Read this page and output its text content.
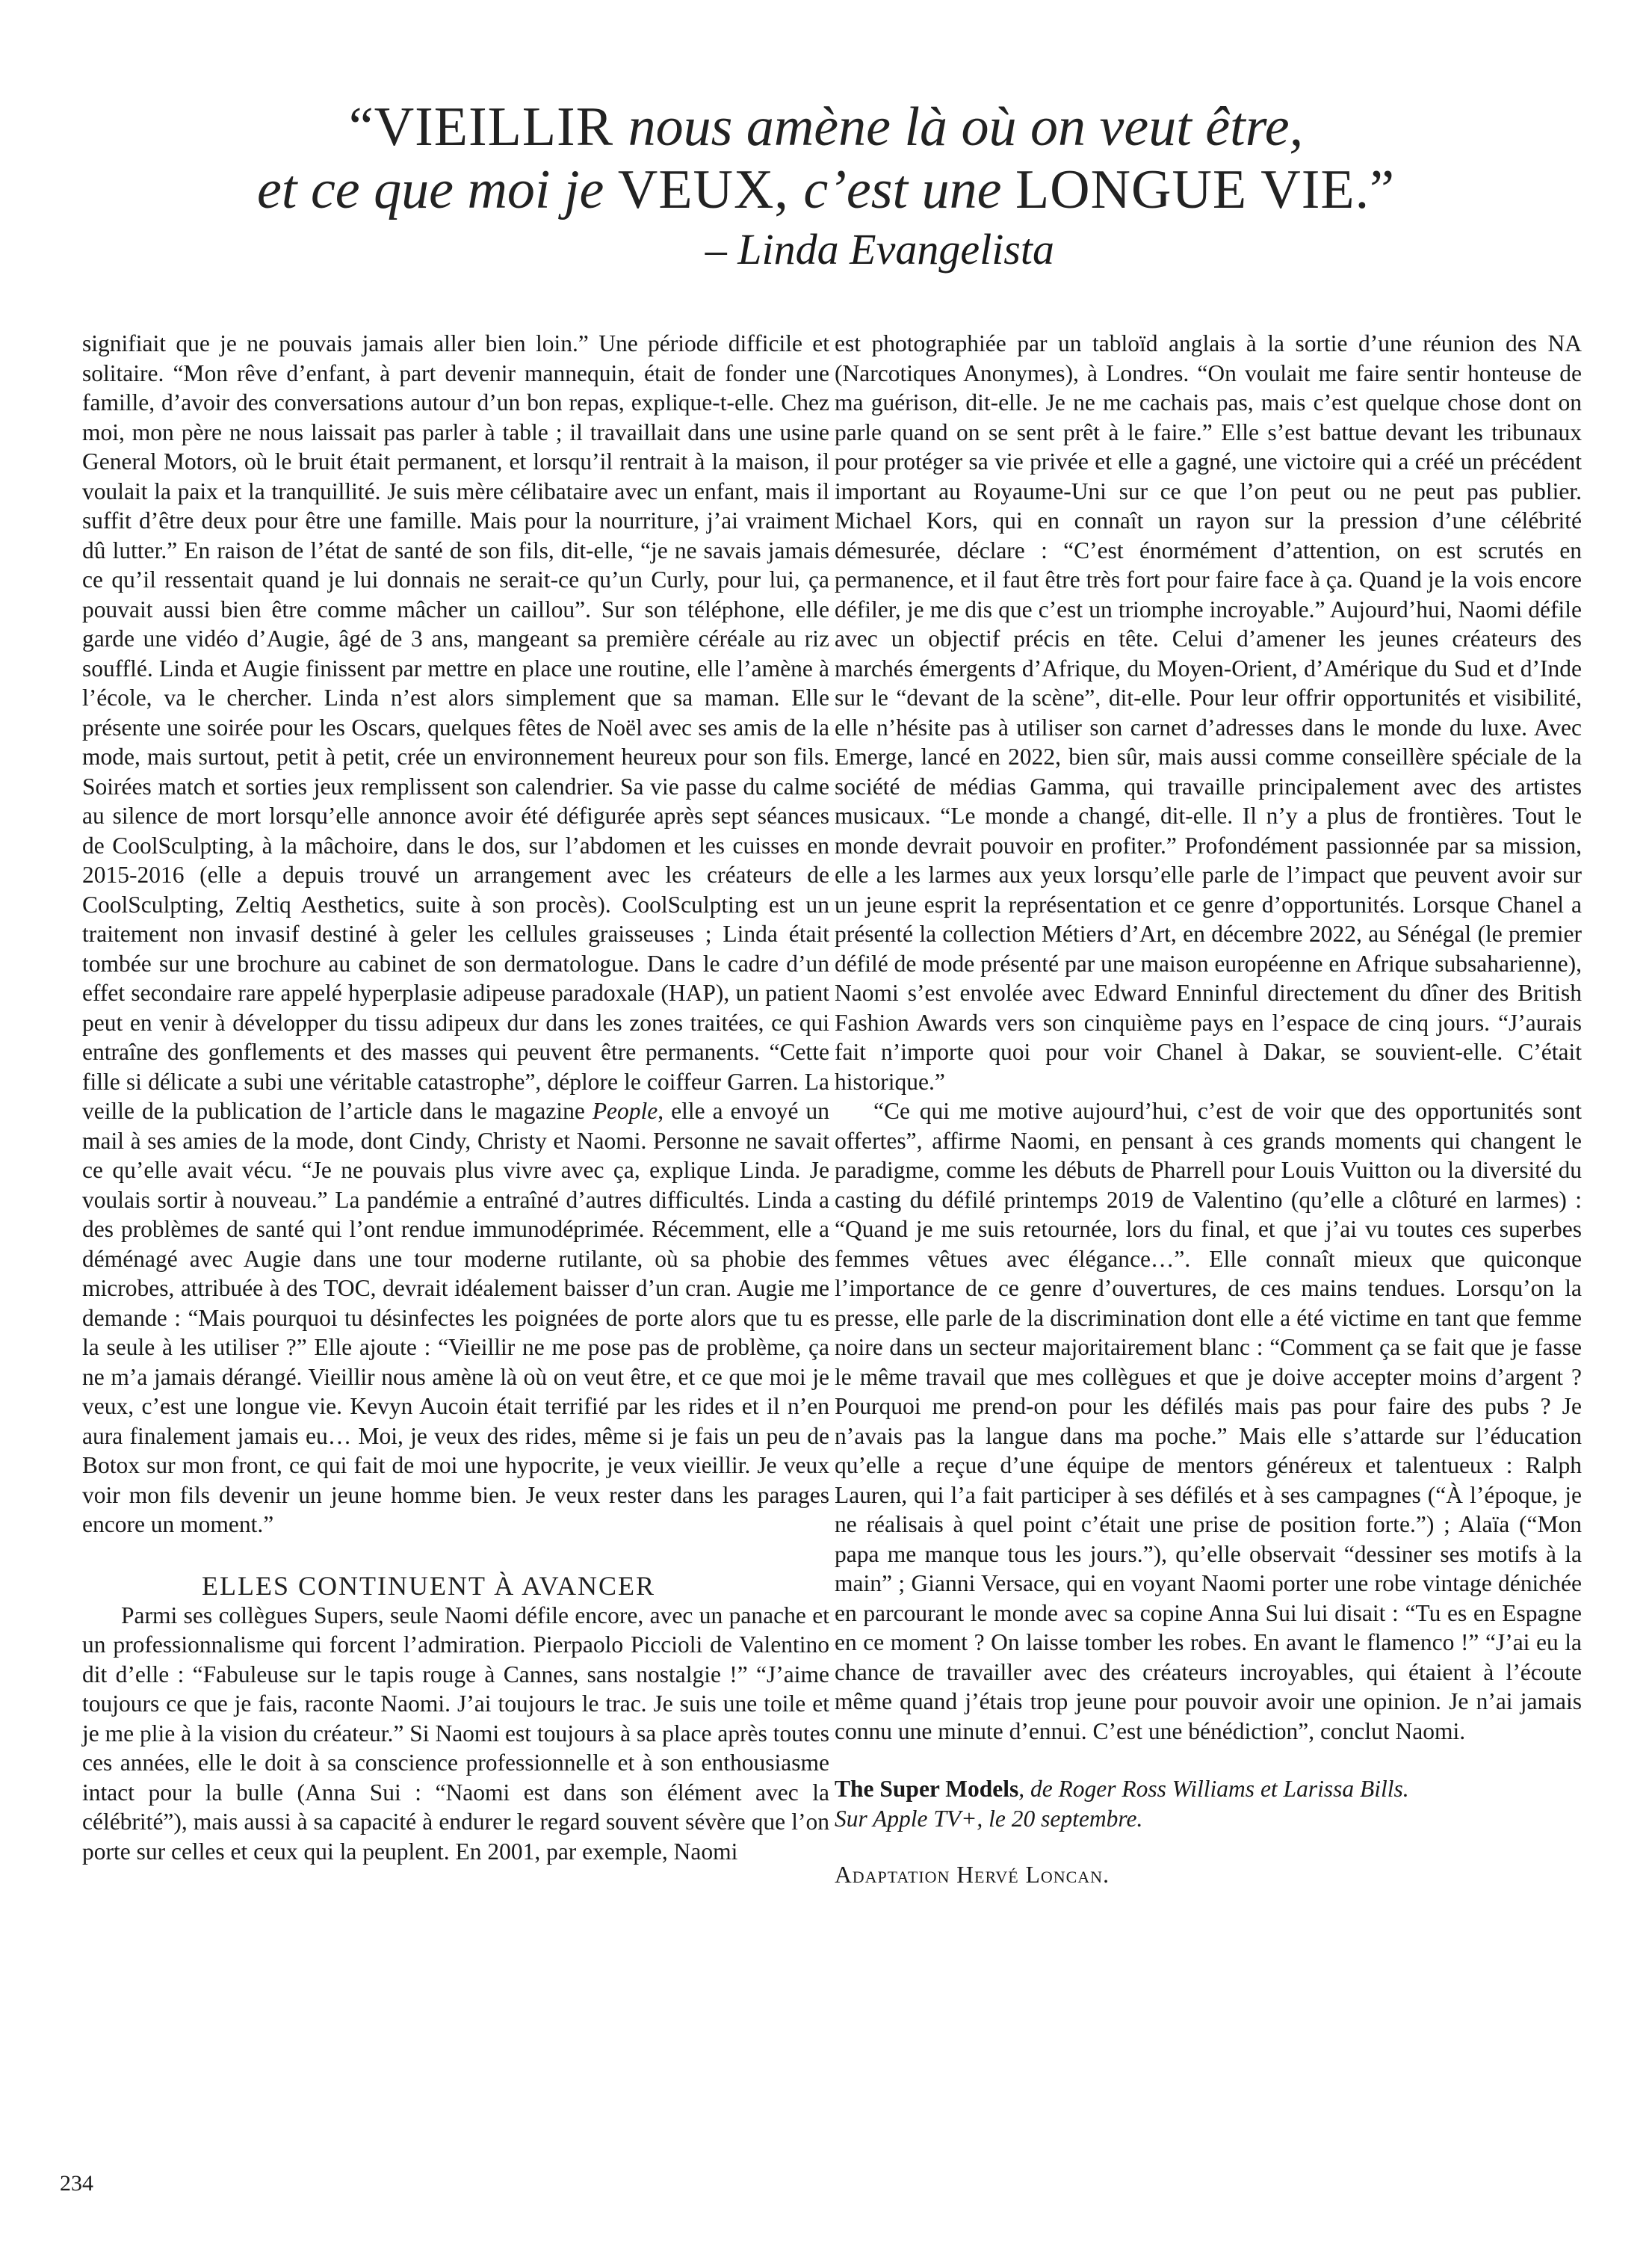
“VIEILLIR nous amène là où on veut être,
et ce que moi je VEUX, c’est une LONGUE VIE.”
– Linda Evangelista

signifiait que je ne pouvais jamais aller bien loin.” Une période difficile et solitaire. “Mon rêve d’enfant, à part devenir mannequin, était de fonder une famille, d’avoir des conversations autour d’un bon repas, explique-t-elle. Chez moi, mon père ne nous laissait pas parler à table ; il travaillait dans une usine General Motors, où le bruit était permanent, et lorsqu’il rentrait à la maison, il voulait la paix et la tranquillité. Je suis mère célibataire avec un enfant, mais il suffit d’être deux pour être une famille. Mais pour la nourriture, j’ai vraiment dû lutter.” En raison de l’état de santé de son fils, dit-elle, “je ne savais jamais ce qu’il ressentait quand je lui donnais ne serait-ce qu’un Curly, pour lui, ça pouvait aussi bien être comme mâcher un caillou”. Sur son téléphone, elle garde une vidéo d’Augie, âgé de 3 ans, mangeant sa première céréale au riz soufflé. Linda et Augie finissent par mettre en place une routine, elle l’amène à l’école, va le chercher. Linda n’est alors simplement que sa maman. Elle présente une soirée pour les Oscars, quelques fêtes de Noël avec ses amis de la mode, mais surtout, petit à petit, crée un environnement heureux pour son fils. Soirées match et sorties jeux remplissent son calendrier. Sa vie passe du calme au silence de mort lorsqu’elle annonce avoir été défigurée après sept séances de CoolSculpting, à la mâchoire, dans le dos, sur l’abdomen et les cuisses en 2015-2016 (elle a depuis trouvé un arrangement avec les créateurs de CoolSculpting, Zeltiq Aesthetics, suite à son procès). CoolSculpting est un traitement non invasif destiné à geler les cellules graisseuses ; Linda était tombée sur une brochure au cabinet de son dermatologue. Dans le cadre d’un effet secondaire rare appelé hyperplasie adipeuse paradoxale (HAP), un patient peut en venir à développer du tissu adipeux dur dans les zones traitées, ce qui entraîne des gonflements et des masses qui peuvent être permanents. “Cette fille si délicate a subi une véritable catastrophe”, déplore le coiffeur Garren. La veille de la publication de l’article dans le magazine People, elle a envoyé un mail à ses amies de la mode, dont Cindy, Christy et Naomi. Personne ne savait ce qu’elle avait vécu. “Je ne pouvais plus vivre avec ça, explique Linda. Je voulais sortir à nouveau.” La pandémie a entraîné d’autres difficultés. Linda a des problèmes de santé qui l’ont rendue immunodéprimée. Récemment, elle a déménagé avec Augie dans une tour moderne rutilante, où sa phobie des microbes, attribuée à des TOC, devrait idéalement baisser d’un cran. Augie me demande : “Mais pourquoi tu désinfectes les poignées de porte alors que tu es la seule à les utiliser ?” Elle ajoute : “Vieillir ne me pose pas de problème, ça ne m’a jamais dérangé. Vieillir nous amène là où on veut être, et ce que moi je veux, c’est une longue vie. Kevyn Aucoin était terrifié par les rides et il n’en aura finalement jamais eu… Moi, je veux des rides, même si je fais un peu de Botox sur mon front, ce qui fait de moi une hypocrite, je veux vieillir. Je veux voir mon fils devenir un jeune homme bien. Je veux rester dans les parages encore un moment.”

ELLES CONTINUENT À AVANCER

Parmi ses collègues Supers, seule Naomi défile encore, avec un panache et un professionnalisme qui forcent l’admiration. Pierpaolo Piccioli de Valentino dit d’elle : “Fabuleuse sur le tapis rouge à Cannes, sans nostalgie !” “J’aime toujours ce que je fais, raconte Naomi. J’ai toujours le trac. Je suis une toile et je me plie à la vision du créateur.” Si Naomi est toujours à sa place après toutes ces années, elle le doit à sa conscience professionnelle et à son enthousiasme intact pour la bulle (Anna Sui : “Naomi est dans son élément avec la célébrité”), mais aussi à sa capacité à endurer le regard souvent sévère que l’on porte sur celles et ceux qui la peuplent. En 2001, par exemple, Naomi

est photographiée par un tabloïd anglais à la sortie d’une réunion des NA (Narcotiques Anonymes), à Londres. “On voulait me faire sentir honteuse de ma guérison, dit-elle. Je ne me cachais pas, mais c’est quelque chose dont on parle quand on se sent prêt à le faire.” Elle s’est battue devant les tribunaux pour protéger sa vie privée et elle a gagné, une victoire qui a créé un précédent important au Royaume-Uni sur ce que l’on peut ou ne peut pas publier. Michael Kors, qui en connaît un rayon sur la pression d’une célébrité démesurée, déclare : “C’est énormément d’attention, on est scrutés en permanence, et il faut être très fort pour faire face à ça. Quand je la vois encore défiler, je me dis que c’est un triomphe incroyable.” Aujourd’hui, Naomi défile avec un objectif précis en tête. Celui d’amener les jeunes créateurs des marchés émergents d’Afrique, du Moyen-Orient, d’Amérique du Sud et d’Inde sur le “devant de la scène”, dit-elle. Pour leur offrir opportunités et visibilité, elle n’hésite pas à utiliser son carnet d’adresses dans le monde du luxe. Avec Emerge, lancé en 2022, bien sûr, mais aussi comme conseillère spéciale de la société de médias Gamma, qui travaille principalement avec des artistes musicaux. “Le monde a changé, dit-elle. Il n’y a plus de frontières. Tout le monde devrait pouvoir en profiter.” Profondément passionnée par sa mission, elle a les larmes aux yeux lorsqu’elle parle de l’impact que peuvent avoir sur un jeune esprit la représentation et ce genre d’opportunités. Lorsque Chanel a présenté la collection Métiers d’Art, en décembre 2022, au Sénégal (le premier défilé de mode présenté par une maison européenne en Afrique subsaharienne), Naomi s’est envolée avec Edward Enninful directement du dîner des British Fashion Awards vers son cinquième pays en l’espace de cinq jours. “J’aurais fait n’importe quoi pour voir Chanel à Dakar, se souvient-elle. C’était historique.”

“Ce qui me motive aujourd’hui, c’est de voir que des opportunités sont offertes”, affirme Naomi, en pensant à ces grands moments qui changent le paradigme, comme les débuts de Pharrell pour Louis Vuitton ou la diversité du casting du défilé printemps 2019 de Valentino (qu’elle a clôturé en larmes) : “Quand je me suis retournée, lors du final, et que j’ai vu toutes ces superbes femmes vêtues avec élégance…”. Elle connaît mieux que quiconque l’importance de ce genre d’ouvertures, de ces mains tendues. Lorsqu’on la presse, elle parle de la discrimination dont elle a été victime en tant que femme noire dans un secteur majoritairement blanc : “Comment ça se fait que je fasse le même travail que mes collègues et que je doive accepter moins d’argent ? Pourquoi me prend-on pour les défilés mais pas pour faire des pubs ? Je n’avais pas la langue dans ma poche.” Mais elle s’attarde sur l’éducation qu’elle a reçue d’une équipe de mentors généreux et talentueux : Ralph Lauren, qui l’a fait participer à ses défilés et à ses campagnes (“À l’époque, je ne réalisais à quel point c’était une prise de position forte.”) ; Alaïa (“Mon papa me manque tous les jours.”), qu’elle observait “dessiner ses motifs à la main” ; Gianni Versace, qui en voyant Naomi porter une robe vintage dénichée en parcourant le monde avec sa copine Anna Sui lui disait : “Tu es en Espagne en ce moment ? On laisse tomber les robes. En avant le flamenco !” “J’ai eu la chance de travailler avec des créateurs incroyables, qui étaient à l’écoute même quand j’étais trop jeune pour pouvoir avoir une opinion. Je n’ai jamais connu une minute d’ennui. C’est une bénédiction”, conclut Naomi.

The Super Models, de Roger Ross Williams et Larissa Bills.
Sur Apple TV+, le 20 septembre.
Adaptation Hervé Loncan.
234
